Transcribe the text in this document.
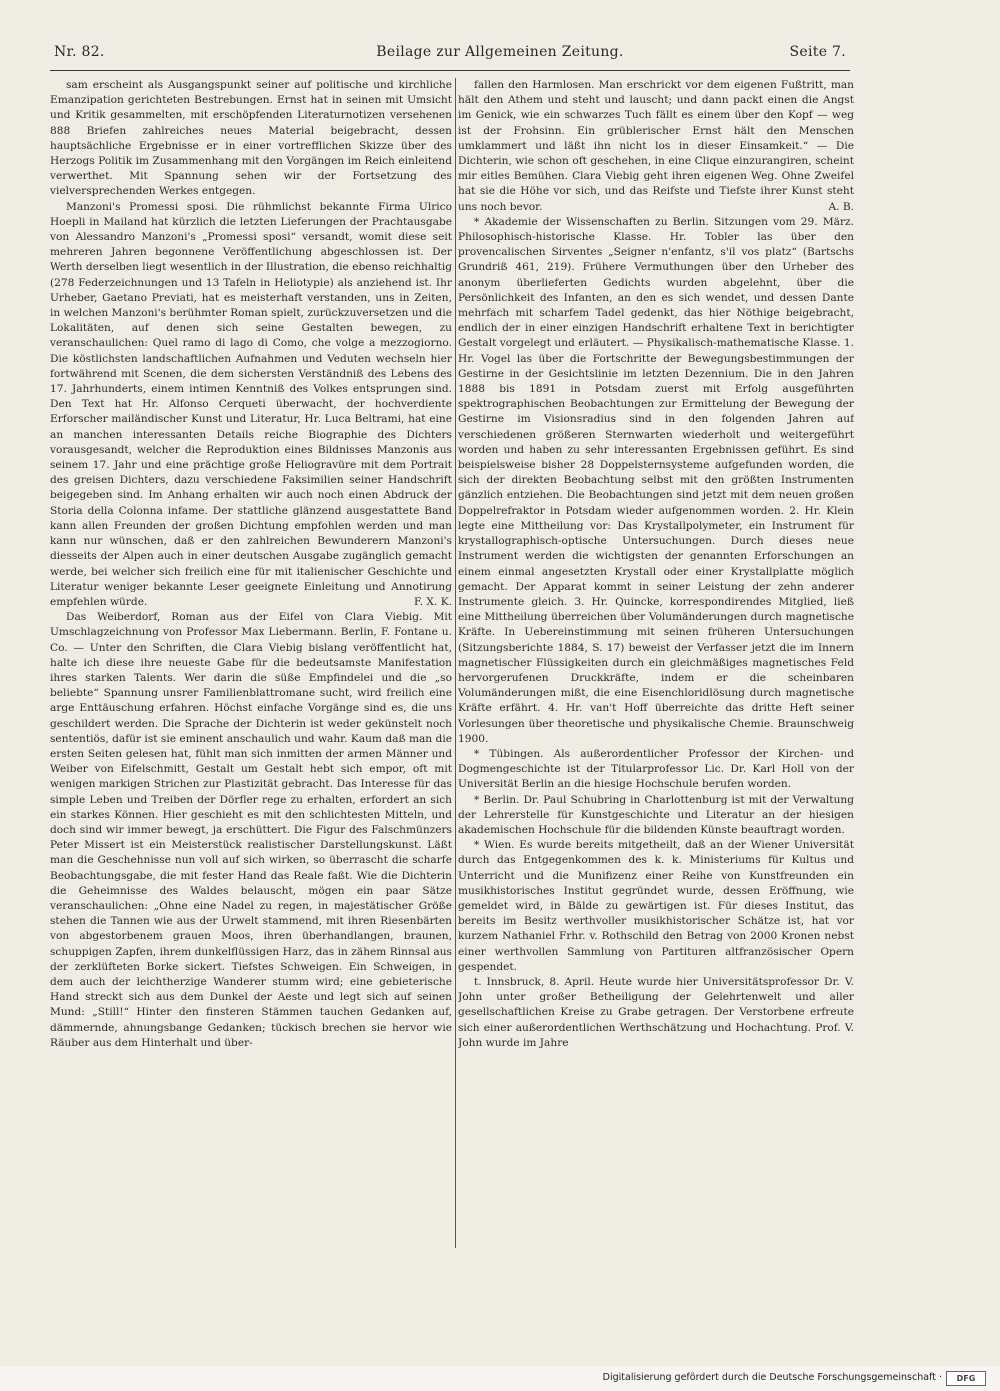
Nr. 82.	Beilage zur Allgemeinen Zeitung.	Seite 7.

sam erscheint als Ausgangspunkt seiner auf politische und kirchliche Emanzipation gerichteten Bestrebungen. Ernst hat in seinen mit Umsicht und Kritik gesammelten, mit erschöpfenden Literaturnotizen versehenen 888 Briefen zahlreiches neues Material beigebracht, dessen hauptsächliche Ergebnisse er in einer vortrefflichen Skizze über des Herzogs Politik im Zusammenhang mit den Vorgängen im Reich einleitend verwerthet. Mit Spannung sehen wir der Fortsetzung des vielversprechenden Werkes entgegen.

Manzoni's Promessi sposi. Die rühmlichst bekannte Firma Ulrico Hoepli in Mailand hat kürzlich die letzten Lieferungen der Prachtausgabe von Alessandro Manzoni's „Promessi sposi“ versandt, womit diese seit mehreren Jahren begonnene Veröffentlichung abgeschlossen ist. Der Werth derselben liegt wesentlich in der Illustration, die ebenso reichhaltig (278 Federzeichnungen und 13 Tafeln in Heliotypie) als anziehend ist. Ihr Urheber, Gaetano Previati, hat es meisterhaft verstanden, uns in Zeiten, in welchen Manzoni's berühmter Roman spielt, zurückzuversetzen und die Lokalitäten, auf denen sich seine Gestalten bewegen, zu veranschaulichen: Quel ramo di lago di Como, che volge a mezzogiorno. Die köstlichsten landschaftlichen Aufnahmen und Veduten wechseln hier fortwährend mit Scenen, die dem sichersten Verständniß des Lebens des 17. Jahrhunderts, einem intimen Kenntniß des Volkes entsprungen sind. Den Text hat Hr. Alfonso Cerqueti überwacht, der hochverdiente Erforscher mailändischer Kunst und Literatur, Hr. Luca Beltrami, hat eine an manchen interessanten Details reiche Biographie des Dichters vorausgesandt, welcher die Reproduktion eines Bildnisses Manzonis aus seinem 17. Jahr und eine prächtige große Heliogravüre mit dem Portrait des greisen Dichters, dazu verschiedene Faksimilien seiner Handschrift beigegeben sind. Im Anhang erhalten wir auch noch einen Abdruck der Storia della Colonna infame. Der stattliche glänzend ausgestattete Band kann allen Freunden der großen Dichtung empfohlen werden und man kann nur wünschen, daß er den zahlreichen Bewunderern Manzoni's diesseits der Alpen auch in einer deutschen Ausgabe zugänglich gemacht werde, bei welcher sich freilich eine für mit italienischer Geschichte und Literatur weniger bekannte Leser geeignete Einleitung und Annotirung empfehlen würde.	F. X. K.

Das Weiberdorf, Roman aus der Eifel von Clara Viebig. Mit Umschlagzeichnung von Professor Max Liebermann. Berlin, F. Fontane u. Co. — Unter den Schriften, die Clara Viebig bislang veröffentlicht hat, halte ich diese ihre neueste Gabe für die bedeutsamste Manifestation ihres starken Talents. Wer darin die süße Empfindelei und die „so beliebte“ Spannung unsrer Familienblattromane sucht, wird freilich eine arge Enttäuschung erfahren. Höchst einfache Vorgänge sind es, die uns geschildert werden. Die Sprache der Dichterin ist weder gekünstelt noch sententiös, dafür ist sie eminent anschaulich und wahr. Kaum daß man die ersten Seiten gelesen hat, fühlt man sich inmitten der armen Männer und Weiber von Eifelschmitt, Gestalt um Gestalt hebt sich empor, oft mit wenigen markigen Strichen zur Plastizität gebracht. Das Interesse für das simple Leben und Treiben der Dörfler rege zu erhalten, erfordert an sich ein starkes Können. Hier geschieht es mit den schlichtesten Mitteln, und doch sind wir immer bewegt, ja erschüttert. Die Figur des Falschmünzers Peter Missert ist ein Meisterstück realistischer Darstellungskunst. Läßt man die Geschehnisse nun voll auf sich wirken, so überrascht die scharfe Beobachtungsgabe, die mit fester Hand das Reale faßt. Wie die Dichterin die Geheimnisse des Waldes belauscht, mögen ein paar Sätze veranschaulichen: „Ohne eine Nadel zu regen, in majestätischer Größe stehen die Tannen wie aus der Urwelt stammend, mit ihren Riesenbärten von abgestorbenem grauen Moos, ihren überhandlangen, braunen, schuppigen Zapfen, ihrem dunkelflüssigen Harz, das in zähem Rinnsal aus der zerklüfteten Borke sickert. Tiefstes Schweigen. Ein Schweigen, in dem auch der leichtherzige Wanderer stumm wird; eine gebieterische Hand streckt sich aus dem Dunkel der Aeste und legt sich auf seinen Mund: „Still!“ Hinter den finsteren Stämmen tauchen Gedanken auf, dämmernde, ahnungsbange Gedanken; tückisch brechen sie hervor wie Räuber aus dem Hinterhalt und über-

fallen den Harmlosen. Man erschrickt vor dem eigenen Fußtritt, man hält den Athem und steht und lauscht; und dann packt einen die Angst im Genick, wie ein schwarzes Tuch fällt es einem über den Kopf — weg ist der Frohsinn. Ein grüblerischer Ernst hält den Menschen umklammert und läßt ihn nicht los in dieser Einsamkeit.“ — Die Dichterin, wie schon oft geschehen, in eine Clique einzurangiren, scheint mir eitles Bemühen. Clara Viebig geht ihren eigenen Weg. Ohne Zweifel hat sie die Höhe vor sich, und das Reifste und Tiefste ihrer Kunst steht uns noch bevor.	A. B.

* Akademie der Wissenschaften zu Berlin. Sitzungen vom 29. März. Philosophisch-historische Klasse. Hr. Tobler las über den provencalischen Sirventes „Seigner n'enfantz, s'il vos platz“ (Bartschs Grundriß 461, 219). Frühere Vermuthungen über den Urheber des anonym überlieferten Gedichts wurden abgelehnt, über die Persönlichkeit des Infanten, an den es sich wendet, und dessen Dante mehrfach mit scharfem Tadel gedenkt, das hier Nöthige beigebracht, endlich der in einer einzigen Handschrift erhaltene Text in berichtigter Gestalt vorgelegt und erläutert. — Physikalisch-mathematische Klasse. 1. Hr. Vogel las über die Fortschritte der Bewegungsbestimmungen der Gestirne in der Gesichtslinie im letzten Dezennium. Die in den Jahren 1888 bis 1891 in Potsdam zuerst mit Erfolg ausgeführten spektrographischen Beobachtungen zur Ermittelung der Bewegung der Gestirne im Visionsradius sind in den folgenden Jahren auf verschiedenen größeren Sternwarten wiederholt und weitergeführt worden und haben zu sehr interessanten Ergebnissen geführt. Es sind beispielsweise bisher 28 Doppelsternsysteme aufgefunden worden, die sich der direkten Beobachtung selbst mit den größten Instrumenten gänzlich entziehen. Die Beobachtungen sind jetzt mit dem neuen großen Doppelrefraktor in Potsdam wieder aufgenommen worden. 2. Hr. Klein legte eine Mittheilung vor: Das Krystallpolymeter, ein Instrument für krystallographisch-optische Untersuchungen. Durch dieses neue Instrument werden die wichtigsten der genannten Erforschungen an einem einmal angesetzten Krystall oder einer Krystallplatte möglich gemacht. Der Apparat kommt in seiner Leistung der zehn anderer Instrumente gleich. 3. Hr. Quincke, korrespondirendes Mitglied, ließ eine Mittheilung überreichen über Volumänderungen durch magnetische Kräfte. In Uebereinstimmung mit seinen früheren Untersuchungen (Sitzungsberichte 1884, S. 17) beweist der Verfasser jetzt die im Innern magnetischer Flüssigkeiten durch ein gleichmäßiges magnetisches Feld hervorgerufenen Druckkräfte, indem er die scheinbaren Volumänderungen mißt, die eine Eisenchloridlösung durch magnetische Kräfte erfährt. 4. Hr. van't Hoff überreichte das dritte Heft seiner Vorlesungen über theoretische und physikalische Chemie. Braunschweig 1900.

* Tübingen. Als außerordentlicher Professor der Kirchen- und Dogmengeschichte ist der Titularprofessor Lic. Dr. Karl Holl von der Universität Berlin an die hiesige Hochschule berufen worden.

* Berlin. Dr. Paul Schubring in Charlottenburg ist mit der Verwaltung der Lehrerstelle für Kunstgeschichte und Literatur an der hiesigen akademischen Hochschule für die bildenden Künste beauftragt worden.

* Wien. Es wurde bereits mitgetheilt, daß an der Wiener Universität durch das Entgegenkommen des k. k. Ministeriums für Kultus und Unterricht und die Munifizenz einer Reihe von Kunstfreunden ein musikhistorisches Institut gegründet wurde, dessen Eröffnung, wie gemeldet wird, in Bälde zu gewärtigen ist. Für dieses Institut, das bereits im Besitz werthvoller musikhistorischer Schätze ist, hat vor kurzem Nathaniel Frhr. v. Rothschild den Betrag von 2000 Kronen nebst einer werthvollen Sammlung von Partituren altfranzösischer Opern gespendet.

t. Innsbruck, 8. April. Heute wurde hier Universitätsprofessor Dr. V. John unter großer Betheiligung der Gelehrtenwelt und aller gesellschaftlichen Kreise zu Grabe getragen. Der Verstorbene erfreute sich einer außerordentlichen Werthschätzung und Hochachtung. Prof. V. John wurde im Jahre

Digitalisierung gefördert durch die Deutsche Forschungsgemeinschaft ·	DFG
